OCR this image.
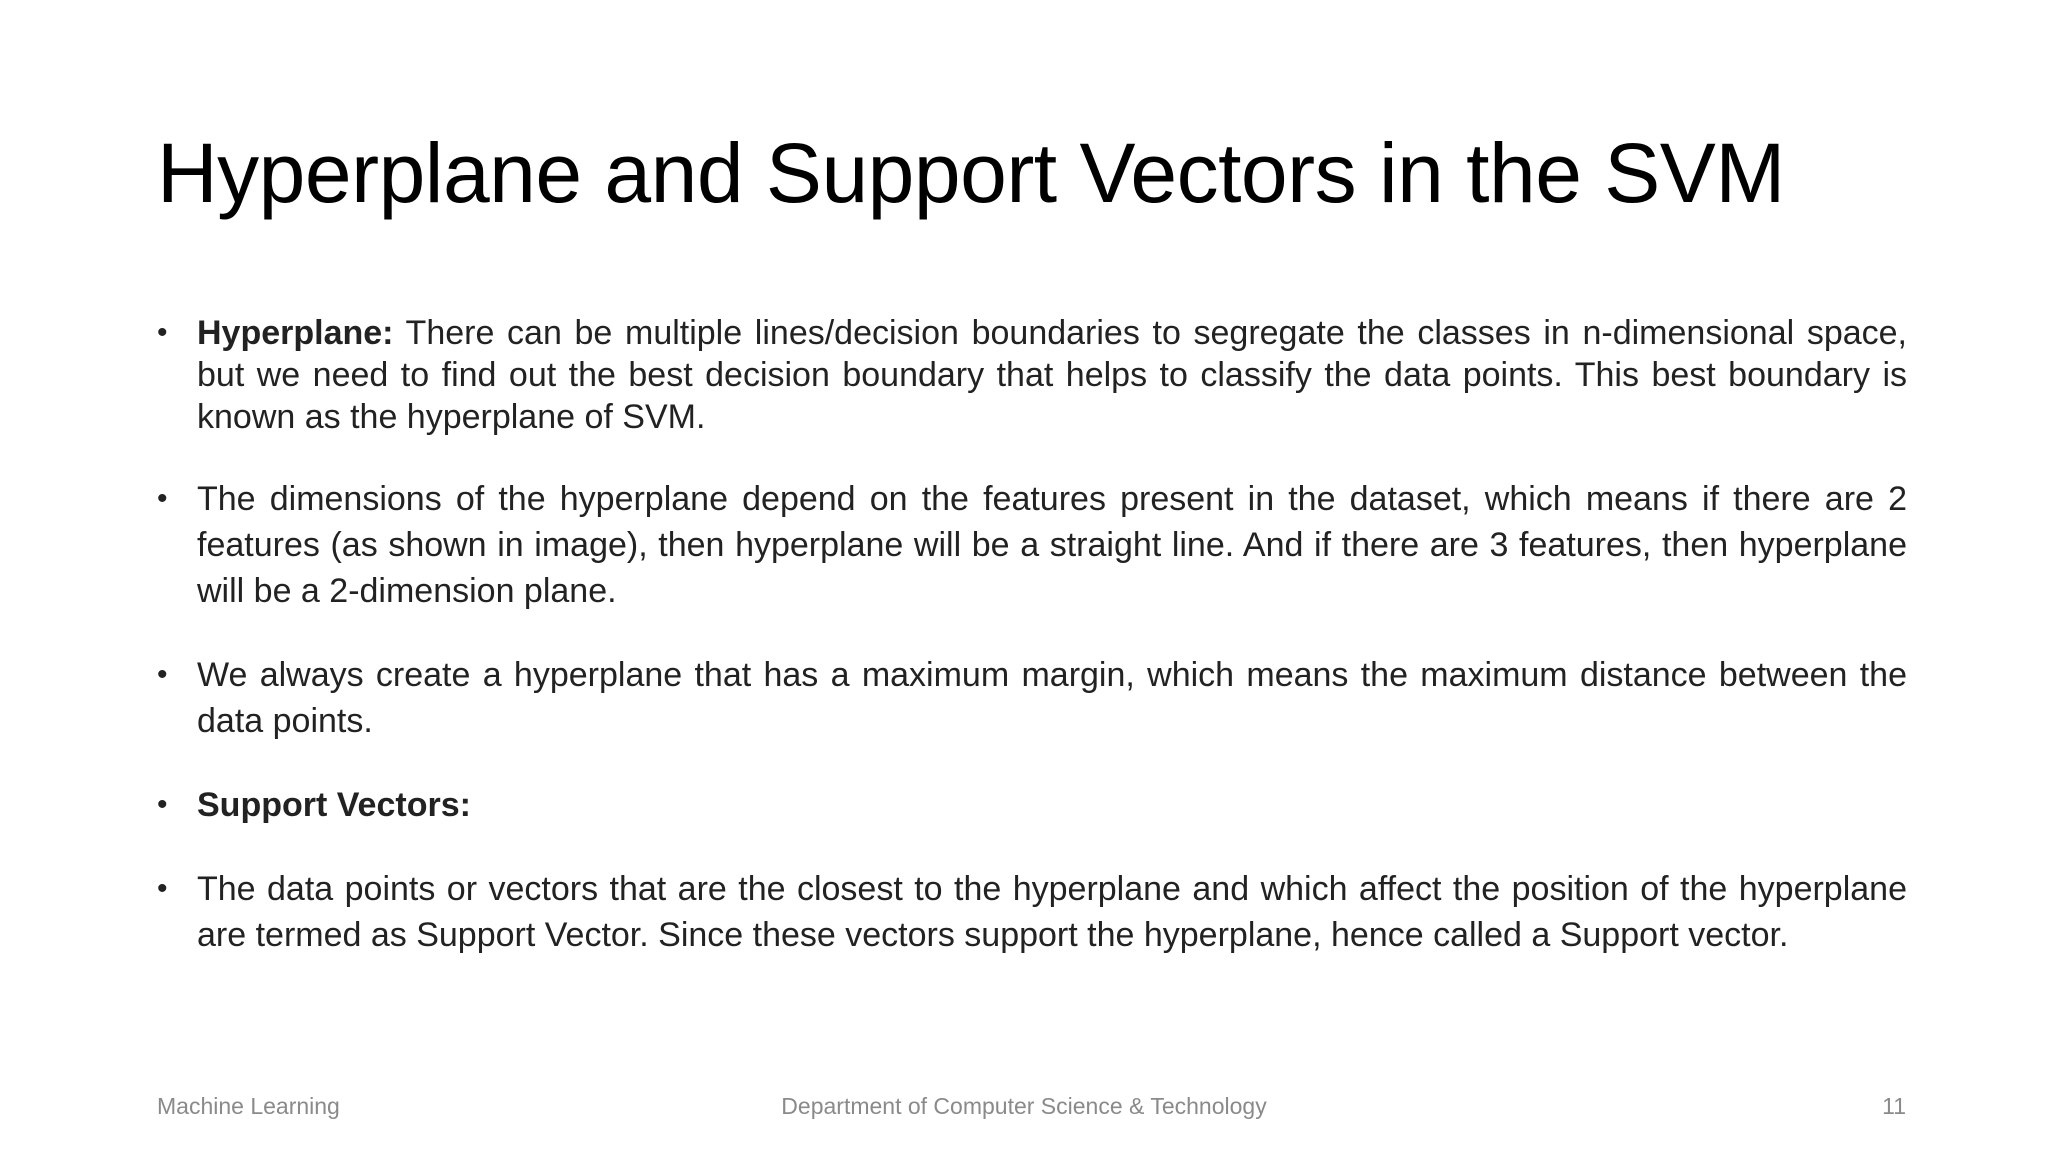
Hyperplane and Support Vectors in the SVM
• Hyperplane: There can be multiple lines/decision boundaries to segregate the classes in n-dimensional space, but we need to find out the best decision boundary that helps to classify the data points. This best boundary is known as the hyperplane of SVM.
• The dimensions of the hyperplane depend on the features present in the dataset, which means if there are 2 features (as shown in image), then hyperplane will be a straight line. And if there are 3 features, then hyperplane will be a 2-dimension plane.
• We always create a hyperplane that has a maximum margin, which means the maximum distance between the data points.
• Support Vectors:
• The data points or vectors that are the closest to the hyperplane and which affect the position of the hyperplane are termed as Support Vector. Since these vectors support the hyperplane, hence called a Support vector.
Machine Learning	Department of Computer Science & Technology	11
